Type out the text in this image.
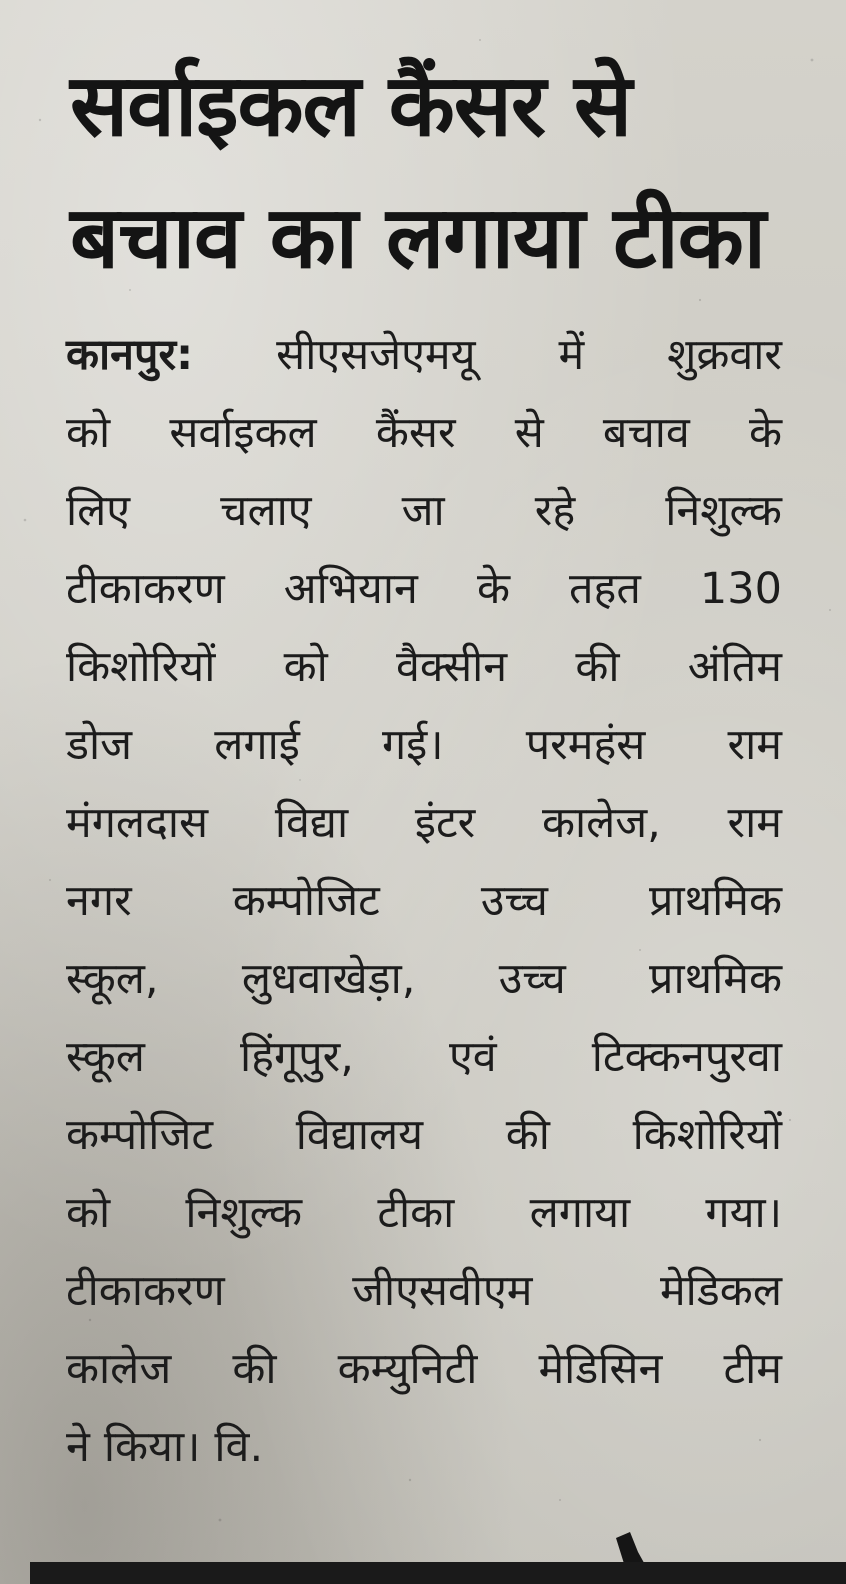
सर्वाइकल कैंसर से
बचाव का लगाया टीका
कानपुर: सीएसजेएमयू में शुक्रवार
को सर्वाइकल कैंसर से बचाव के
लिए चलाए जा रहे निशुल्क
टीकाकरण अभियान के तहत 130
किशोरियों को वैक्सीन की अंतिम
डोज लगाई गई। परमहंस राम
मंगलदास विद्या इंटर कालेज, राम
नगर कम्पोजिट उच्च प्राथमिक
स्कूल, लुधवाखेड़ा, उच्च प्राथमिक
स्कूल हिंगूपुर, एवं टिक्कनपुरवा
कम्पोजिट विद्यालय की किशोरियों
को निशुल्क टीका लगाया गया।
टीकाकरण	जीएसवीएम	मेडिकल
कालेज की कम्युनिटी मेडिसिन टीम
ने किया। वि.
